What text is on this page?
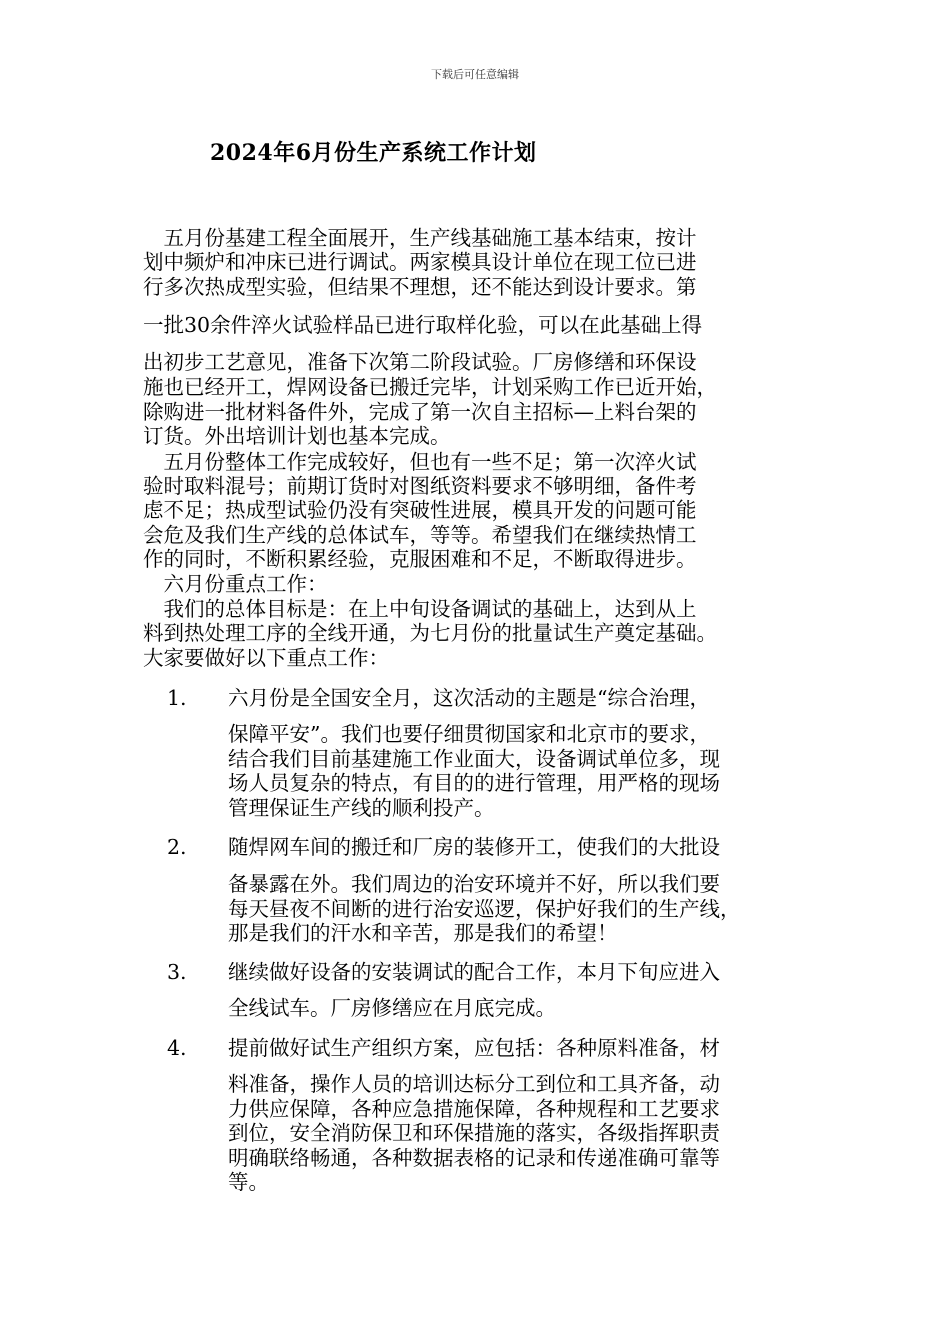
下载后可任意编辑
2024年6月份生产系统工作计划
　五月份基建工程全面展开，生产线基础施工基本结束，按计
划中频炉和冲床已进行调试。两家模具设计单位在现工位已进
行多次热成型实验，但结果不理想，还不能达到设计要求。第
一批30余件淬火试验样品已进行取样化验，可以在此基础上得
出初步工艺意见，准备下次第二阶段试验。厂房修缮和环保设
施也已经开工，焊网设备已搬迁完毕，计划采购工作已近开始，
除购进一批材料备件外，完成了第一次自主招标—上料台架的
订货。外出培训计划也基本完成。
　五月份整体工作完成较好，但也有一些不足；第一次淬火试
验时取料混号；前期订货时对图纸资料要求不够明细，备件考
虑不足；热成型试验仍没有突破性进展，模具开发的问题可能
会危及我们生产线的总体试车，等等。希望我们在继续热情工
作的同时，不断积累经验，克服困难和不足，不断取得进步。
　六月份重点工作：
　我们的总体目标是：在上中旬设备调试的基础上，达到从上
料到热处理工序的全线开通，为七月份的批量试生产奠定基础。
大家要做好以下重点工作：
1. 六月份是全国安全月，这次活动的主题是“综合治理，
保障平安”。我们也要仔细贯彻国家和北京市的要求，
结合我们目前基建施工作业面大，设备调试单位多，现
场人员复杂的特点，有目的的进行管理，用严格的现场
管理保证生产线的顺利投产。
2. 随焊网车间的搬迁和厂房的装修开工，使我们的大批设
备暴露在外。我们周边的治安环境并不好，所以我们要
每天昼夜不间断的进行治安巡逻，保护好我们的生产线，
那是我们的汗水和辛苦，那是我们的希望！
3. 继续做好设备的安装调试的配合工作，本月下旬应进入
全线试车。厂房修缮应在月底完成。
4. 提前做好试生产组织方案，应包括：各种原料准备，材
料准备，操作人员的培训达标分工到位和工具齐备，动
力供应保障，各种应急措施保障，各种规程和工艺要求
到位，安全消防保卫和环保措施的落实，各级指挥职责
明确联络畅通，各种数据表格的记录和传递准确可靠等
等。
